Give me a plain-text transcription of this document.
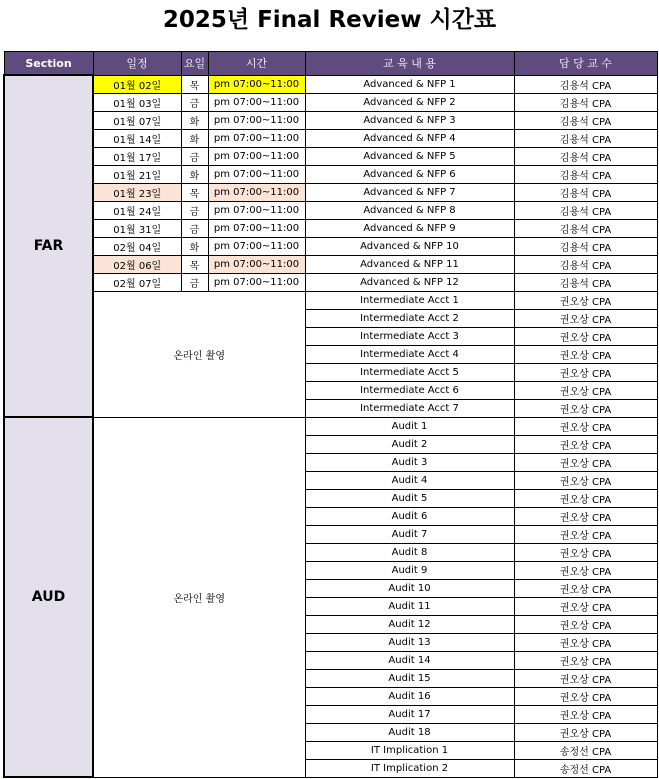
2025년 Final Review 시간표
Section	일정	요일	시간	교 육 내 용	담 당 교 수
FAR	01월 02일	목	pm 07:00~11:00	Advanced & NFP 1	김용석 CPA
	01월 03일	금	pm 07:00~11:00	Advanced & NFP 2	김용석 CPA
	01월 07일	화	pm 07:00~11:00	Advanced & NFP 3	김용석 CPA
	01월 14일	화	pm 07:00~11:00	Advanced & NFP 4	김용석 CPA
	01월 17일	금	pm 07:00~11:00	Advanced & NFP 5	김용석 CPA
	01월 21일	화	pm 07:00~11:00	Advanced & NFP 6	김용석 CPA
	01월 23일	목	pm 07:00~11:00	Advanced & NFP 7	김용석 CPA
	01월 24일	금	pm 07:00~11:00	Advanced & NFP 8	김용석 CPA
	01월 31일	금	pm 07:00~11:00	Advanced & NFP 9	김용석 CPA
	02월 04일	화	pm 07:00~11:00	Advanced & NFP 10	김용석 CPA
	02월 06일	목	pm 07:00~11:00	Advanced & NFP 11	김용석 CPA
	02월 07일	금	pm 07:00~11:00	Advanced & NFP 12	김용석 CPA
	온라인 촬영			Intermediate Acct 1	권오상 CPA
				Intermediate Acct 2	권오상 CPA
				Intermediate Acct 3	권오상 CPA
				Intermediate Acct 4	권오상 CPA
				Intermediate Acct 5	권오상 CPA
				Intermediate Acct 6	권오상 CPA
				Intermediate Acct 7	권오상 CPA
AUD	온라인 촬영			Audit 1	권오상 CPA
				Audit 2	권오상 CPA
				Audit 3	권오상 CPA
				Audit 4	권오상 CPA
				Audit 5	권오상 CPA
				Audit 6	권오상 CPA
				Audit 7	권오상 CPA
				Audit 8	권오상 CPA
				Audit 9	권오상 CPA
				Audit 10	권오상 CPA
				Audit 11	권오상 CPA
				Audit 12	권오상 CPA
				Audit 13	권오상 CPA
				Audit 14	권오상 CPA
				Audit 15	권오상 CPA
				Audit 16	권오상 CPA
				Audit 17	권오상 CPA
				Audit 18	권오상 CPA
				IT Implication 1	송정선 CPA
				IT Implication 2	송정선 CPA
